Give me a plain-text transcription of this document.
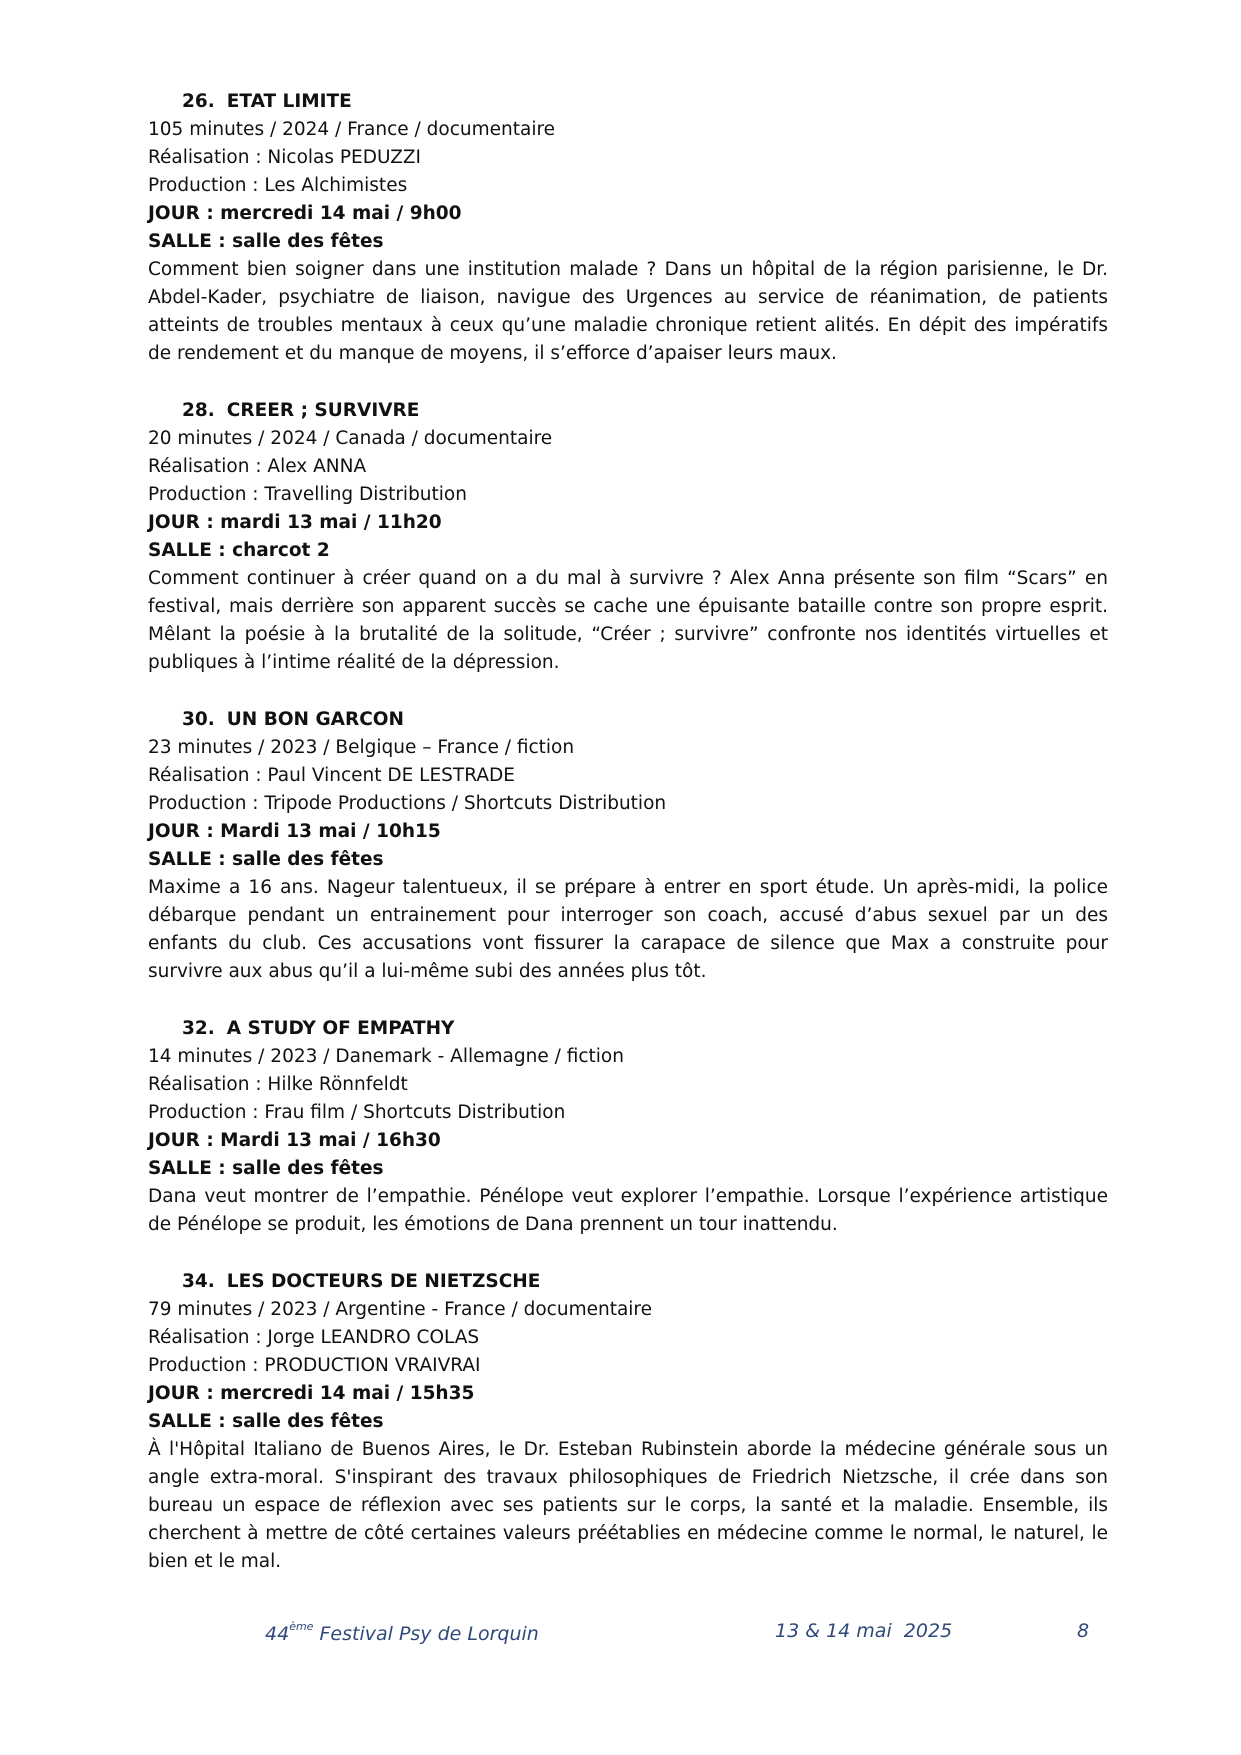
26. ETAT LIMITE
105 minutes / 2024 / France / documentaire
Réalisation : Nicolas PEDUZZI
Production : Les Alchimistes
JOUR : mercredi 14 mai / 9h00
SALLE : salle des fêtes

Comment bien soigner dans une institution malade ? Dans un hôpital de la région parisienne, le Dr. Abdel-Kader, psychiatre de liaison, navigue des Urgences au service de réanimation, de patients atteints de troubles mentaux à ceux qu’une maladie chronique retient alités. En dépit des impératifs de rendement et du manque de moyens, il s’efforce d’apaiser leurs maux.

28. CREER ; SURVIVRE
20 minutes / 2024 / Canada / documentaire
Réalisation : Alex ANNA
Production : Travelling Distribution
JOUR : mardi 13 mai / 11h20
SALLE : charcot 2

Comment continuer à créer quand on a du mal à survivre ? Alex Anna présente son film “Scars” en festival, mais derrière son apparent succès se cache une épuisante bataille contre son propre esprit. Mêlant la poésie à la brutalité de la solitude, “Créer ; survivre” confronte nos identités virtuelles et publiques à l’intime réalité de la dépression.

30. UN BON GARCON
23 minutes / 2023 / Belgique – France / fiction
Réalisation : Paul Vincent DE LESTRADE
Production : Tripode Productions / Shortcuts Distribution
JOUR : Mardi 13 mai / 10h15
SALLE : salle des fêtes

Maxime a 16 ans. Nageur talentueux, il se prépare à entrer en sport étude. Un après-midi, la police débarque pendant un entrainement pour interroger son coach, accusé d’abus sexuel par un des enfants du club. Ces accusations vont fissurer la carapace de silence que Max a construite pour survivre aux abus qu’il a lui-même subi des années plus tôt.

32. A STUDY OF EMPATHY
14 minutes / 2023 / Danemark - Allemagne / fiction
Réalisation : Hilke Rönnfeldt
Production : Frau film / Shortcuts Distribution
JOUR : Mardi 13 mai / 16h30
SALLE : salle des fêtes

Dana veut montrer de l’empathie. Pénélope veut explorer l’empathie. Lorsque l’expérience artistique de Pénélope se produit, les émotions de Dana prennent un tour inattendu.

34. LES DOCTEURS DE NIETZSCHE
79 minutes / 2023 / Argentine - France / documentaire
Réalisation : Jorge LEANDRO COLAS
Production : PRODUCTION VRAIVRAI
JOUR : mercredi 14 mai / 15h35
SALLE : salle des fêtes

À l'Hôpital Italiano de Buenos Aires, le Dr. Esteban Rubinstein aborde la médecine générale sous un angle extra-moral. S'inspirant des travaux philosophiques de Friedrich Nietzsche, il crée dans son bureau un espace de réflexion avec ses patients sur le corps, la santé et la maladie. Ensemble, ils cherchent à mettre de côté certaines valeurs préétablies en médecine comme le normal, le naturel, le bien et le mal.

44ème Festival Psy de Lorquin	13 & 14 mai  2025	8
